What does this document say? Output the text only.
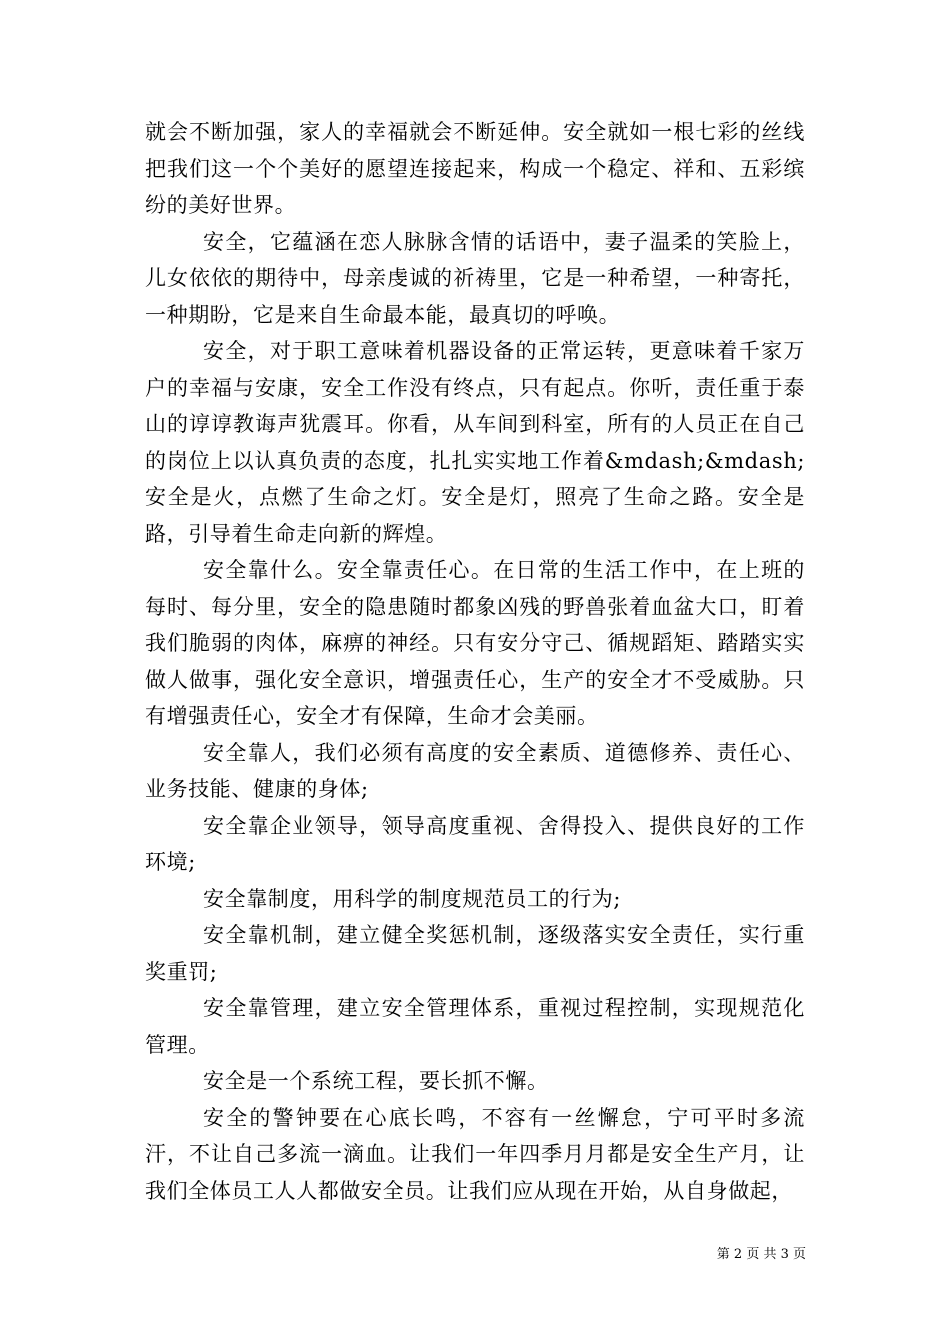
就会不断加强，家人的幸福就会不断延伸。安全就如一根七彩的丝线把我们这一个个美好的愿望连接起来，构成一个稳定、祥和、五彩缤纷的美好世界。

安全，它蕴涵在恋人脉脉含情的话语中，妻子温柔的笑脸上，儿女依依的期待中，母亲虔诚的祈祷里，它是一种希望，一种寄托，一种期盼，它是来自生命最本能，最真切的呼唤。

安全，对于职工意味着机器设备的正常运转，更意味着千家万户的幸福与安康，安全工作没有终点，只有起点。你听，责任重于泰山的谆谆教诲声犹震耳。你看，从车间到科室，所有的人员正在自己的岗位上以认真负责的态度，扎扎实实地工作着&mdash;&mdash;安全是火，点燃了生命之灯。安全是灯，照亮了生命之路。安全是路，引导着生命走向新的辉煌。

安全靠什么。安全靠责任心。在日常的生活工作中，在上班的每时、每分里，安全的隐患随时都象凶残的野兽张着血盆大口，盯着我们脆弱的肉体，麻痹的神经。只有安分守己、循规蹈矩、踏踏实实做人做事，强化安全意识，增强责任心，生产的安全才不受威胁。只有增强责任心，安全才有保障，生命才会美丽。

安全靠人，我们必须有高度的安全素质、道德修养、责任心、业务技能、健康的身体;

安全靠企业领导，领导高度重视、舍得投入、提供良好的工作环境;

安全靠制度，用科学的制度规范员工的行为;

安全靠机制，建立健全奖惩机制，逐级落实安全责任，实行重奖重罚;

安全靠管理，建立安全管理体系，重视过程控制，实现规范化管理。

安全是一个系统工程，要长抓不懈。

安全的警钟要在心底长鸣，不容有一丝懈怠，宁可平时多流汗，不让自己多流一滴血。让我们一年四季月月都是安全生产月，让我们全体员工人人都做安全员。让我们应从现在开始，从自身做起，

第 2 页 共 3 页
